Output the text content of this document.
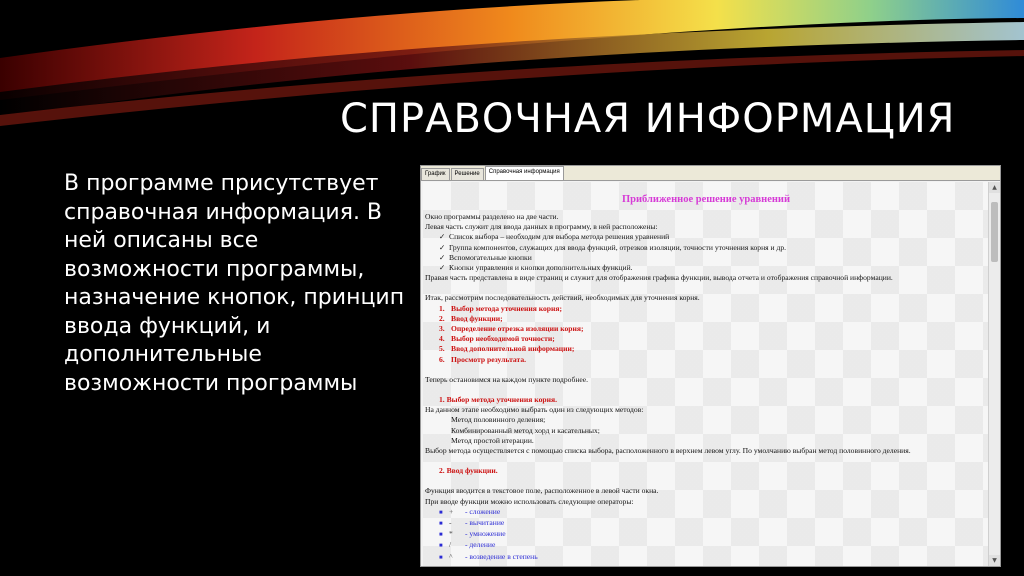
СПРАВОЧНАЯ ИНФОРМАЦИЯ
В программе присутствует справочная информация. В ней описаны все возможности программы, назначение кнопок, принцип ввода функций, и дополнительные возможности программы
График	Решение	Справочная информация
Приближенное решение уравнений
Окно программы разделено на две части.
Левая часть служит для ввода данных в программу, в ней расположены:
✓ Список выбора – необходим для выбора метода решения уравнений
✓ Группа компонентов, служащих для ввода функций, отрезков изоляции, точности уточнения корня и др.
✓ Вспомогательные кнопки
✓ Кнопки управления и кнопки дополнительных функций.
Правая часть представлена в виде страниц и служит для отображения графика функции, вывода отчета и отображения справочной информации.
Итак, рассмотрим последовательность действий, необходимых для уточнения корня.
1. Выбор метода уточнения корня;
2. Ввод функции;
3. Определение отрезка изоляции корня;
4. Выбор необходимой точности;
5. Ввод дополнительной информации;
6. Просмотр результата.
Теперь остановимся на каждом пункте подробнее.
1. Выбор метода уточнения корня.
На данном этапе необходимо выбрать один из следующих методов:
Метод половинного деления;
Комбинированный метод хорд и касательных;
Метод простой итерации.
Выбор метода осуществляется с помощью списка выбора, расположенного в верхнем левом углу. По умолчанию выбран метод половинного деления.
2. Ввод функции.
Функция вводится в текстовое поле, расположенное в левой части окна.
При вводе функции можно использовать следующие операторы:
■ + - сложение
■ - - вычитание
■ * - умножение
■ / - деление
■ ^ - возведение в степень
▲
▼
